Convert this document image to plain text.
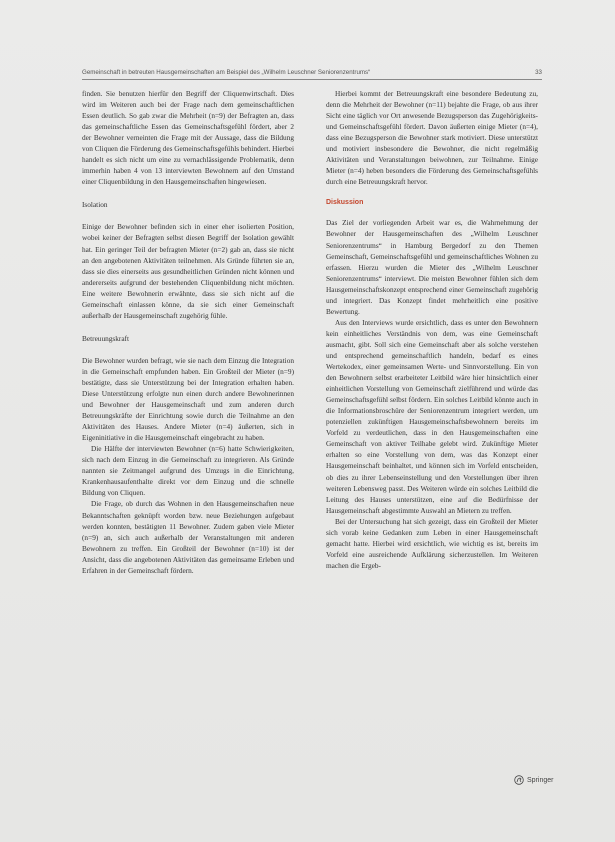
Gemeinschaft in betreuten Hausgemeinschaften am Beispiel des „Wilhelm Leuschner Seniorenzentrums“	33

finden. Sie benutzen hierfür den Begriff der Cliquenwirtschaft. Dies wird im Weiteren auch bei der Frage nach dem gemeinschaftlichen Essen deutlich. So gab zwar die Mehrheit (n=9) der Befragten an, dass das gemeinschaftliche Essen das Gemeinschaftsgefühl fördert, aber 2 der Bewohner verneinten die Frage mit der Aussage, dass die Bildung von Cliquen die Förderung des Gemeinschaftsgefühls behindert. Hierbei handelt es sich nicht um eine zu vernachlässigende Problematik, denn immerhin haben 4 von 13 interviewten Bewohnern auf den Umstand einer Cliquenbildung in den Hausgemeinschaften hingewiesen.

Isolation

Einige der Bewohner befinden sich in einer eher isolierten Position, wobei keiner der Befragten selbst diesen Begriff der Isolation gewählt hat. Ein geringer Teil der befragten Mieter (n=2) gab an, dass sie nicht an den angebotenen Aktivitäten teilnehmen. Als Gründe führten sie an, dass sie dies einerseits aus gesundheitlichen Gründen nicht können und andererseits aufgrund der bestehenden Cliquenbildung nicht möchten. Eine weitere Bewohnerin erwähnte, dass sie sich nicht auf die Gemeinschaft einlassen könne, da sie sich einer Gemeinschaft außerhalb der Hausgemeinschaft zugehörig fühle.

Betreuungskraft

Die Bewohner wurden befragt, wie sie nach dem Einzug die Integration in die Gemeinschaft empfunden haben. Ein Großteil der Mieter (n=9) bestätigte, dass sie Unterstützung bei der Integration erhalten haben. Diese Unterstützung erfolgte nun einen durch andere Bewohnerinnen und Bewohner der Hausgemeinschaft und zum anderen durch Betreuungskräfte der Einrichtung sowie durch die Teilnahme an den Aktivitäten des Hauses. Andere Mieter (n=4) äußerten, sich in Eigeninitiative in die Hausgemeinschaft eingebracht zu haben.

Die Hälfte der interviewten Bewohner (n=6) hatte Schwierigkeiten, sich nach dem Einzug in die Gemeinschaft zu integrieren. Als Gründe nannten sie Zeitmangel aufgrund des Umzugs in die Einrichtung, Krankenhausaufenthalte direkt vor dem Einzug und die schnelle Bildung von Cliquen.

Die Frage, ob durch das Wohnen in den Hausgemeinschaften neue Bekanntschaften geknüpft worden bzw. neue Beziehungen aufgebaut werden konnten, bestätigten 11 Bewohner. Zudem gaben viele Mieter (n=9) an, sich auch außerhalb der Veranstaltungen mit anderen Bewohnern zu treffen. Ein Großteil der Bewohner (n=10) ist der Ansicht, dass die angebotenen Aktivitäten das gemeinsame Erleben und Erfahren in der Gemeinschaft fördern.

Hierbei kommt der Betreuungskraft eine besondere Bedeutung zu, denn die Mehrheit der Bewohner (n=11) bejahte die Frage, ob aus ihrer Sicht eine täglich vor Ort anwesende Bezugsperson das Zugehörigkeits- und Gemeinschaftsgefühl fördert. Davon äußerten einige Mieter (n=4), dass eine Bezugsperson die Bewohner stark motiviert. Diese unterstützt und motiviert insbesondere die Bewohner, die nicht regelmäßig Aktivitäten und Veranstaltungen beiwohnen, zur Teilnahme. Einige Mieter (n=4) heben besonders die Förderung des Gemeinschaftsgefühls durch eine Betreuungskraft hervor.

Diskussion

Das Ziel der vorliegenden Arbeit war es, die Wahrnehmung der Bewohner der Hausgemeinschaften des „Wilhelm Leuschner Seniorenzentrums“ in Hamburg Bergedorf zu den Themen Gemeinschaft, Gemeinschaftsgefühl und gemeinschaftliches Wohnen zu erfassen. Hierzu wurden die Mieter des „Wilhelm Leuschner Seniorenzentrums“ interviewt. Die meisten Bewohner fühlen sich dem Hausgemeinschaftskonzept entsprechend einer Gemeinschaft zugehörig und integriert. Das Konzept findet mehrheitlich eine positive Bewertung.

Aus den Interviews wurde ersichtlich, dass es unter den Bewohnern kein einheitliches Verständnis von dem, was eine Gemeinschaft ausmacht, gibt. Soll sich eine Gemeinschaft aber als solche verstehen und entsprechend gemeinschaftlich handeln, bedarf es eines Wertekodex, einer gemeinsamen Werte- und Sinnvorstellung. Ein von den Bewohnern selbst erarbeiteter Leitbild wäre hier hinsichtlich einer einheitlichen Vorstellung von Gemeinschaft zielführend und würde das Gemeinschaftsgefühl selbst fördern. Ein solches Leitbild könnte auch in die Informationsbroschüre der Seniorenzentrum integriert werden, um potenziellen zukünftigen Hausgemeinschaftsbewohnern bereits im Vorfeld zu verdeutlichen, dass in den Hausgemeinschaften eine Gemeinschaft von aktiver Teilhabe gelebt wird. Zukünftige Mieter erhalten so eine Vorstellung von dem, was das Konzept einer Hausgemeinschaft beinhaltet, und können sich im Vorfeld entscheiden, ob dies zu ihrer Lebenseinstellung und den Vorstellungen über ihren weiteren Lebensweg passt. Des Weiteren würde ein solches Leitbild die Leitung des Hauses unterstützen, eine auf die Bedürfnisse der Hausgemeinschaft abgestimmte Auswahl an Mietern zu treffen.

Bei der Untersuchung hat sich gezeigt, dass ein Großteil der Mieter sich vorab keine Gedanken zum Leben in einer Hausgemeinschaft gemacht hatte. Hierbei wird ersichtlich, wie wichtig es ist, bereits im Vorfeld eine ausreichende Aufklärung sicherzustellen. Im Weiteren machen die Ergeb-

Springer
